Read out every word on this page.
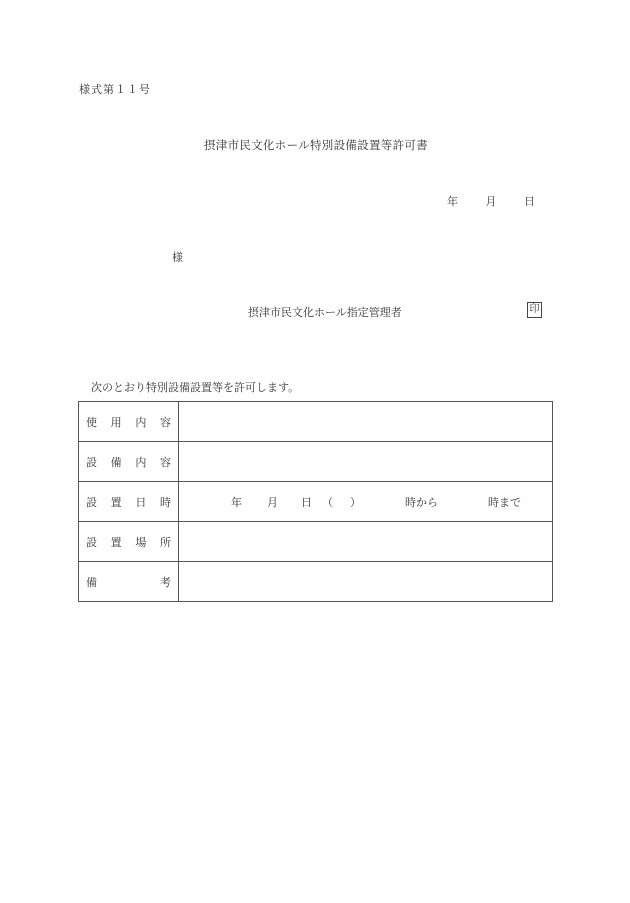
様式第１１号
摂津市民文化ホール特別設備設置等許可書
年	月	日
様
摂津市民文化ホール指定管理者	印
次のとおり特別設備設置等を許可します。
使 用 内 容	

設 備 内 容	

設 置 日 時	年 月 日 （ ）	時から	時まで

設 置 場 所	

備 考	
